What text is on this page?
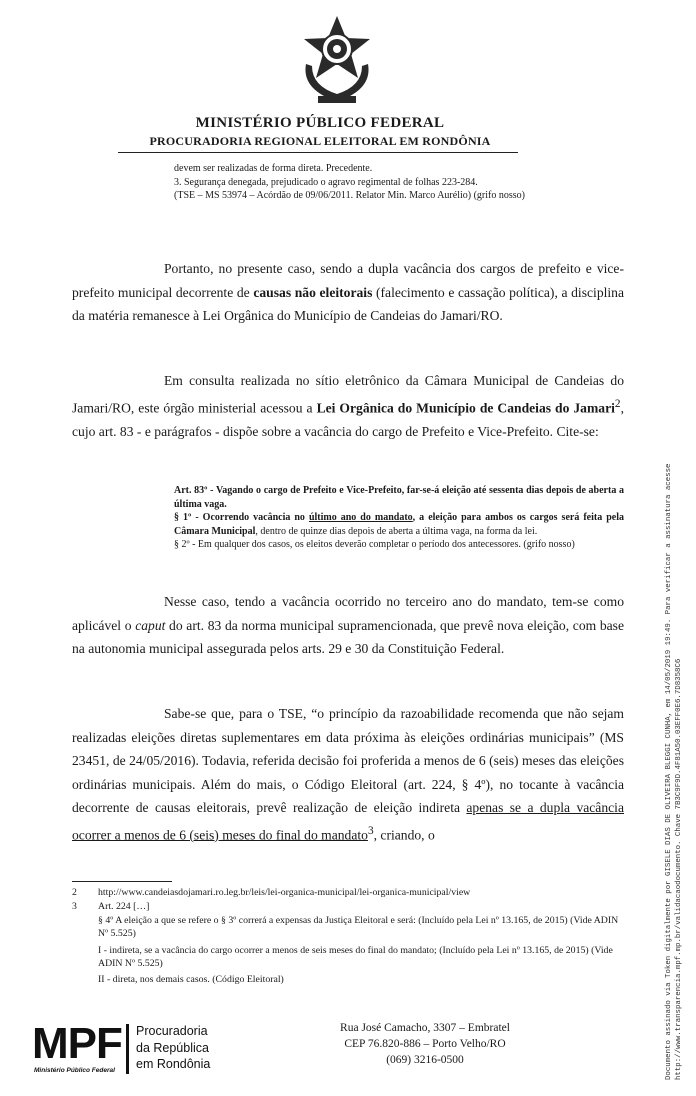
MINISTÉRIO PÚBLICO FEDERAL
PROCURADORIA REGIONAL ELEITORAL EM RONDÔNIA
devem ser realizadas de forma direta. Precedente.
3. Segurança denegada, prejudicado o agravo regimental de folhas 223-284.
(TSE – MS 53974 – Acórdão de 09/06/2011. Relator Min. Marco Aurélio) (grifo nosso)
Portanto, no presente caso, sendo a dupla vacância dos cargos de prefeito e vice-prefeito municipal decorrente de causas não eleitorais (falecimento e cassação política), a disciplina da matéria remanesce à Lei Orgânica do Município de Candeias do Jamari/RO.
Em consulta realizada no sítio eletrônico da Câmara Municipal de Candeias do Jamari/RO, este órgão ministerial acessou a Lei Orgânica do Município de Candeias do Jamari$^2$, cujo art. 83 - e parágrafos - dispõe sobre a vacância do cargo de Prefeito e Vice-Prefeito. Cite-se:
Art. 83º - Vagando o cargo de Prefeito e Vice-Prefeito, far-se-á eleição até sessenta dias depois de aberta a última vaga.
§ 1º - Ocorrendo vacância no último ano do mandato, a eleição para ambos os cargos será feita pela Câmara Municipal, dentro de quinze dias depois de aberta a última vaga, na forma da lei.
§ 2º - Em qualquer dos casos, os eleitos deverão completar o período dos antecessores. (grifo nosso)
Nesse caso, tendo a vacância ocorrido no terceiro ano do mandato, tem-se como aplicável o caput do art. 83 da norma municipal supramencionada, que prevê nova eleição, com base na autonomia municipal assegurada pelos arts. 29 e 30 da Constituição Federal.
Sabe-se que, para o TSE, “o princípio da razoabilidade recomenda que não sejam realizadas eleições diretas suplementares em data próxima às eleições ordinárias municipais” (MS 23451, de 24/05/2016). Todavia, referida decisão foi proferida a menos de 6 (seis) meses das eleições ordinárias municipais. Além do mais, o Código Eleitoral (art. 224, § 4º), no tocante à vacância decorrente de causas eleitorais, prevê realização de eleição indireta apenas se a dupla vacância ocorrer a menos de 6 (seis) meses do final do mandato$^3$, criando, o
2 http://www.candeiasdojamari.ro.leg.br/leis/lei-organica-municipal/lei-organica-municipal/view
3 Art. 224 […]
§ 4º A eleição a que se refere o § 3º correrá a expensas da Justiça Eleitoral e será: (Incluído pela Lei nº 13.165, de 2015) (Vide ADIN Nº 5.525)
I - indireta, se a vacância do cargo ocorrer a menos de seis meses do final do mandato; (Incluído pela Lei nº 13.165, de 2015) (Vide ADIN Nº 5.525)
II - direta, nos demais casos. (Código Eleitoral)
MPF
Ministério Público Federal
Procuradoria
da República
em Rondônia
Rua José Camacho, 3307 – Embratel
CEP 76.820-886 – Porto Velho/RO
(069) 3216-0500	Documento assinado via Token digitalmente por GISELE DIAS DE OLIVEIRA BLEGGI CUNHA, em 14/05/2019 19:49. Para verificar a assinatura acesse http://www.transparencia.mpf.mp.br/validacaodocumento. Chave 7B3C9F9D.4F81A50.03EFF0E6.7D8358C6
